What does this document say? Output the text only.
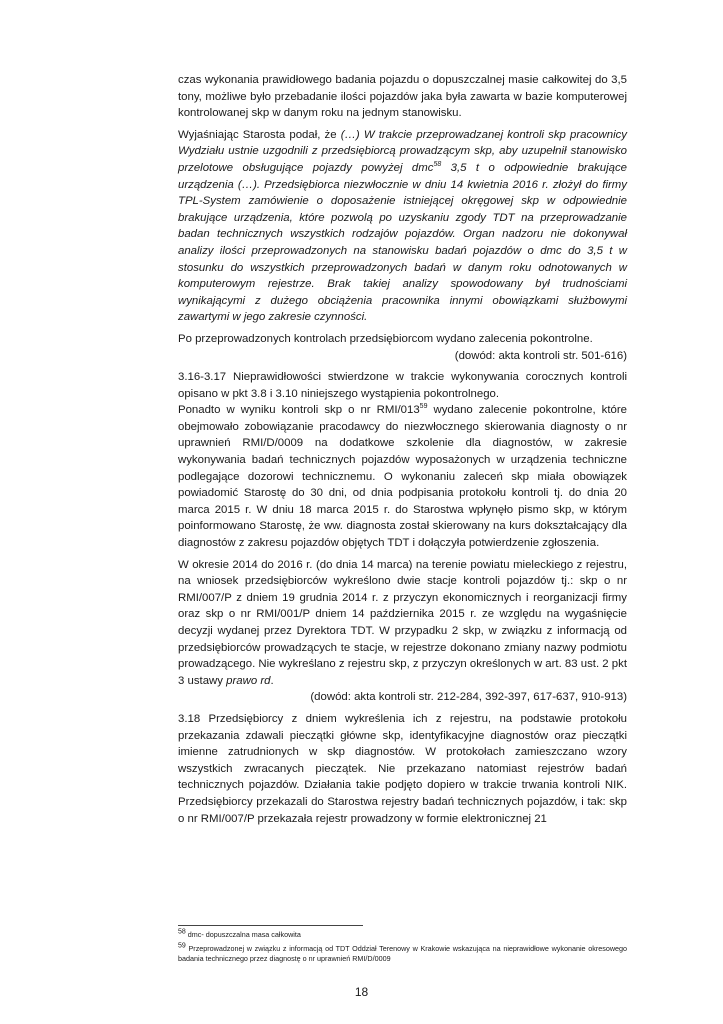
czas wykonania prawidłowego badania pojazdu o dopuszczalnej masie całkowitej do 3,5 tony, możliwe było przebadanie ilości pojazdów jaka była zawarta w bazie komputerowej kontrolowanej skp w danym roku na jednym stanowisku.

Wyjaśniając Starosta podał, że (…) W trakcie przeprowadzanej kontroli skp pracownicy Wydziału ustnie uzgodnili z przedsiębiorcą prowadzącym skp, aby uzupełnił stanowisko przelotowe obsługujące pojazdy powyżej dmc$^{58}$ 3,5 t o odpowiednie brakujące urządzenia (…). Przedsiębiorca niezwłocznie w dniu 14 kwietnia 2016 r. złożył do firmy TPL-System zamówienie o doposażenie istniejącej okręgowej skp w odpowiednie brakujące urządzenia, które pozwolą po uzyskaniu zgody TDT na przeprowadzanie badan technicznych wszystkich rodzajów pojazdów. Organ nadzoru nie dokonywał analizy ilości przeprowadzonych na stanowisku badań pojazdów o dmc do 3,5 t w stosunku do wszystkich przeprowadzonych badań w danym roku odnotowanych w komputerowym rejestrze. Brak takiej analizy spowodowany był trudnościami wynikającymi z dużego obciążenia pracownika innymi obowiązkami służbowymi zawartymi w jego zakresie czynności.

Po przeprowadzonych kontrolach przedsiębiorcom wydano zalecenia pokontrolne.

(dowód: akta kontroli str. 501-616)

3.16-3.17 Nieprawidłowości stwierdzone w trakcie wykonywania corocznych kontroli opisano w pkt 3.8 i 3.10 niniejszego wystąpienia pokontrolnego.

Ponadto w wyniku kontroli skp o nr RMI/$013^{59}$ wydano zalecenie pokontrolne, które obejmowało zobowiązanie pracodawcy do niezwłocznego skierowania diagnosty o nr uprawnień RMI/D/0009 na dodatkowe szkolenie dla diagnostów, w zakresie wykonywania badań technicznych pojazdów wyposażonych w urządzenia techniczne podlegające dozorowi technicznemu. O wykonaniu zaleceń skp miała obowiązek powiadomić Starostę do 30 dni, od dnia podpisania protokołu kontroli tj. do dnia 20 marca 2015 r. W dniu 18 marca 2015 r. do Starostwa wpłynęło pismo skp, w którym poinformowano Starostę, że ww. diagnosta został skierowany na kurs dokształcający dla diagnostów z zakresu pojazdów objętych TDT i dołączyła potwierdzenie zgłoszenia.

W okresie 2014 do 2016 r. (do dnia 14 marca) na terenie powiatu mieleckiego z rejestru, na wniosek przedsiębiorców wykreślono dwie stacje kontroli pojazdów tj.: skp o nr RMI/007/P z dniem 19 grudnia 2014 r. z przyczyn ekonomicznych i reorganizacji firmy oraz skp o nr RMI/001/P dniem 14 października 2015 r. ze względu na wygaśnięcie decyzji wydanej przez Dyrektora TDT. W przypadku 2 skp, w związku z informacją od przedsiębiorców prowadzących te stacje, w rejestrze dokonano zmiany nazwy podmiotu prowadzącego. Nie wykreślano z rejestru skp, z przyczyn określonych w art. 83 ust. 2 pkt 3 ustawy prawo rd.

(dowód: akta kontroli str. 212-284, 392-397, 617-637, 910-913)

3.18 Przedsiębiorcy z dniem wykreślenia ich z rejestru, na podstawie protokołu przekazania zdawali pieczątki główne skp, identyfikacyjne diagnostów oraz pieczątki imienne zatrudnionych w skp diagnostów. W protokołach zamieszczano wzory wszystkich zwracanych pieczątek. Nie przekazano natomiast rejestrów badań technicznych pojazdów. Działania takie podjęto dopiero w trakcie trwania kontroli NIK. Przedsiębiorcy przekazali do Starostwa rejestry badań technicznych pojazdów, i tak: skp o nr RMI/007/P przekazała rejestr prowadzony w formie elektronicznej 21

$^{58}$ dmc- dopuszczalna masa całkowita

$^{59}$ Przeprowadzonej w związku z informacją od TDT Oddział Terenowy w Krakowie wskazująca na nieprawidłowe wykonanie okresowego badania technicznego przez diagnostę o nr uprawnień RMI/D/0009

18
